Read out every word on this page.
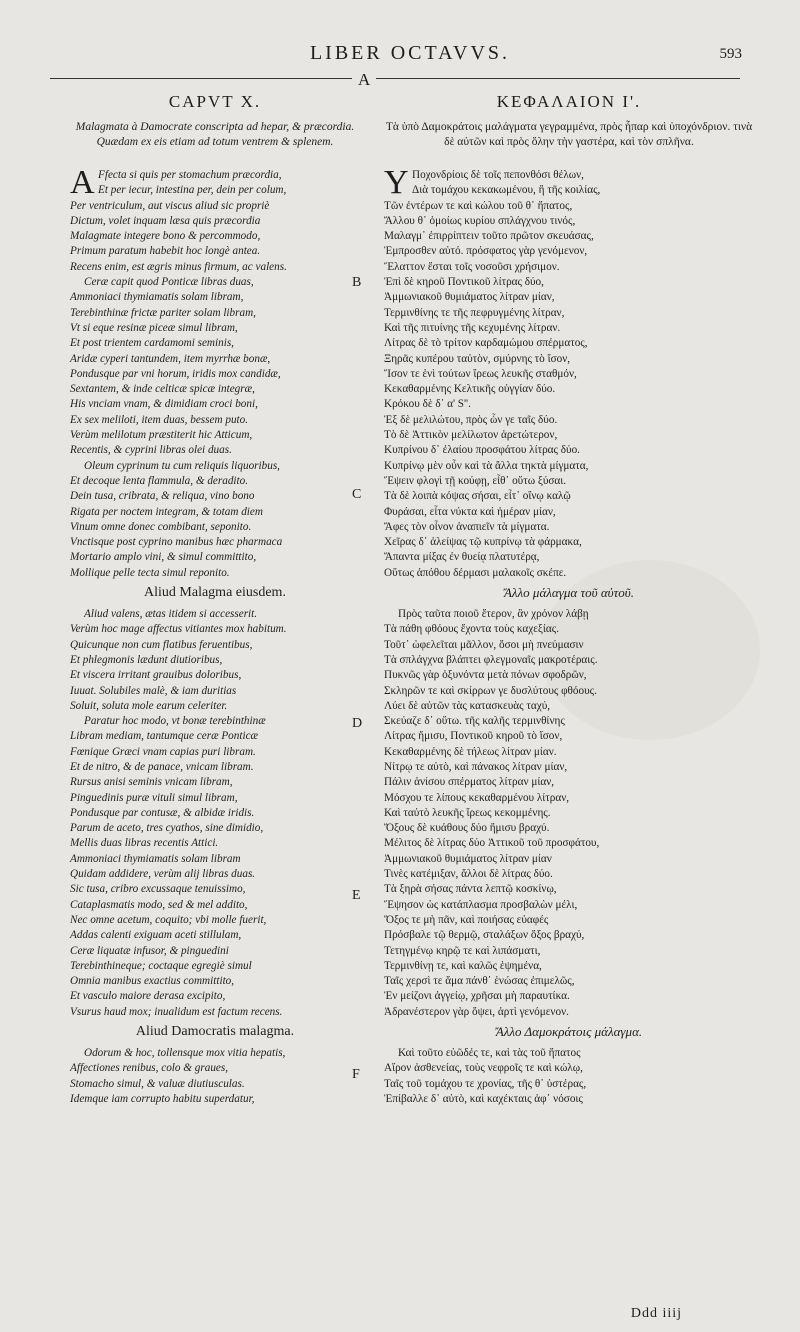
LIBER OCTAVVS.	593
A
B
C
D
E
F
CAPVT X.
Malagmata à Damocrate conscripta ad hepar, & præcordia. Quædam ex eis etiam ad totum ventrem & splenem.
A Ffecta si quis per stomachum præcordia,
Et per iecur, intestina per, dein per colum,
Per ventriculum, aut viscus aliud sic propriè
Dictum, volet inquam læsa quis præcordia
Malagmate integere bono & percommodo,
Primum paratum habebit hoc longè antea.
Recens enim, est ægris minus firmum, ac valens.
Ceræ capit quod Ponticæ libras duas,
Ammoniaci thymiamatis solam libram,
Terebinthinæ frictæ pariter solam libram,
Vt si eque resinæ piceæ simul libram,
Et post trientem cardamomi seminis,
Aridæ cyperi tantundem, item myrrhæ bonæ,
Pondusque par vni horum, iridis mox candidæ,
Sextantem, & inde celticæ spicæ integræ,
His vnciam vnam, & dimidiam croci boni,
Ex sex meliloti, item duas, bessem puto.
Verùm melilotum præstiterit hic Atticum,
Recentis, & cyprini libras olei duas.
Oleum cyprinum tu cum reliquis liquoribus,
Et decoque lenta flammula, & deradito.
Dein tusa, cribrata, & reliqua, vino bono
Rigata per noctem integram, & totam diem
Vinum omne donec combibant, seponito.
Vnctisque post cyprino manibus hæc pharmaca
Mortario amplo vini, & simul committito,
Mollique pelle tecta simul reponito.
Aliud Malagma eiusdem.
Aliud valens, ætas itidem si accesserit.
Verùm hoc mage affectus vitiantes mox habitum.
Quicunque non cum flatibus feruentibus,
Et phlegmonis lædunt diutioribus,
Et viscera irritant grauibus doloribus,
Iuuat. Solubiles malè, & iam duritias
Soluit, soluta mole earum celeriter.
Paratur hoc modo, vt bonæ terebinthinæ
Libram mediam, tantumque ceræ Ponticæ
Fœnique Græci vnam capias puri libram.
Et de nitro, & de panace, vnicam libram.
Rursus anisi seminis vnicam libram,
Pinguedinis puræ vituli simul libram,
Pondusque par contusæ, & albidæ iridis.
Parum de aceto, tres cyathos, sine dimidio,
Mellis duas libras recentis Attici.
Ammoniaci thymiamatis solam libram
Quidam addidere, verùm alij libras duas.
Sic tusa, cribro excussaque tenuissimo,
Cataplasmatis modo, sed & mel addito,
Nec omne acetum, coquito; vbi molle fuerit,
Addas calenti exiguam aceti stillulam,
Ceræ liquatæ infusor, & pinguedini
Terebinthineque; coctaque egregiè simul
Omnia manibus exactius committito,
Et vasculo maiore derasa excipito,
Vsurus haud mox; inualidum est factum recens.
Aliud Damocratis malagma.
Odorum & hoc, tollensque mox vitia hepatis,
Affectiones renibus, colo & graues,
Stomacho simul, & valuæ diutiusculas.
Idemque iam corrupto habitu superdatur,
ΚΕΦΑΛΑΙΟΝ Ι'.
Τὰ ὑπὸ Δαμοκράτοις μαλάγματα γεγραμμένα, πρὸς ἧπαρ καὶ ὑποχόνδριον. τινὰ δὲ αὐτῶν καὶ πρὸς ὅλην τὴν γαστέρα, καὶ τὸν σπλῆνα.
Υ Ποχονδρίοις δὲ τοῖς πεπονθόσι θέλων,
Διὰ τομάχου κεκακωμένου, ἢ τῆς κοιλίας,
Τῶν ἐντέρων τε καὶ κώλου τοῦ θ᾽ ἥπατος,
Ἄλλου θ᾽ ὁμοίως κυρίου σπλάγχνου τινός,
Μαλαγμ᾽ ἐπιρρίπτειν τοῦτο πρῶτον σκευάσας,
Ἐμπροσθεν αὐτό. πρόσφατος γὰρ γενόμενον,
Ἔλαττον ἔσται τοῖς νοσοῦσι χρήσιμον.
Ἐπὶ δὲ κηροῦ Ποντικοῦ λίτρας δύο,
Ἀμμωνιακοῦ θυμιάματος λίτραν μίαν,
Τερμινθίνης τε τῆς πεφρυγμένης λίτραν,
Καὶ τῆς πιτυίνης τῆς κεχυμένης λίτραν.
Λίτρας δὲ τὸ τρίτον καρδαμώμου σπέρματος,
Ξηρᾶς κυπέρου ταὐτὸν, σμύρνης τὸ ἴσον,
Ἴσον τε ἑνὶ τούτων ἴρεως λευκῆς σταθμόν,
Κεκαθαρμένης Κελτικῆς οὐγγίαν δύο.
Κρόκου δὲ δ᾽ α' S''.
Ἐξ δὲ μελιλώτου, πρὸς ὧν γε ταῖς δύο.
Τὸ δὲ Ἀττικὸν μελίλωτον ἀρετώτερον,
Κυπρίνου δ᾽ ἐλαίου προσφάτου λίτρας δύο.
Κυπρίνῳ μὲν οὖν καὶ τὰ ἄλλα τηκτὰ μίγματα,
Ἕψειν φλογὶ τῇ κούφῃ, εἶθ᾽ οὕτω ξύσαι.
Τὰ δὲ λοιπὰ κόψας σήσαι, εἶτ᾽ οἴνῳ καλῷ
Φυράσαι, εἶτα νύκτα καὶ ἡμέραν μίαν,
Ἄφες τὸν οἶνον ἀναπιεῖν τὰ μίγματα.
Χεῖρας δ᾽ ἀλείψας τῷ κυπρίνῳ τὰ φάρμακα,
Ἅπαντα μίξας ἐν θυείᾳ πλατυτέρᾳ,
Οὕτως ἀπόθου δέρμασι μαλακοῖς σκέπε.
Ἄλλο μάλαγμα τοῦ αὐτοῦ.
Πρὸς ταῦτα ποιοῦ ἕτερον, ἂν χρόνον λάβῃ
Τὰ πάθη φθόους ἔχοντα τοὺς καχεξίας.
Τοῦτ᾽ ὠφελεῖται μᾶλλον, ὅσοι μὴ πνεύμασιν
Τὰ σπλάγχνα βλάπτει φλεγμοναῖς μακροτέραις.
Πυκνῶς γὰρ ὀξυνόντα μετὰ πόνων σφοδρῶν,
Σκληρῶν τε καὶ σκίρρων γε δυσλύτους φθόους.
Λύει δὲ αὐτῶν τὰς κατασκευὰς ταχύ,
Σκεύαζε δ᾽ οὕτω. τῆς καλῆς τερμινθίνης
Λίτρας ἥμισυ, Ποντικοῦ κηροῦ τὸ ἴσον,
Κεκαθαρμένης δὲ τήλεως λίτραν μίαν.
Νίτρῳ τε αὐτὸ, καὶ πάνακος λίτραν μίαν,
Πάλιν ἀνίσου σπέρματος λίτραν μίαν,
Μόσχου τε λίπους κεκαθαρμένου λίτραν,
Καὶ ταὐτὸ λευκῆς ἴρεως κεκομμένης.
Ὄξους δὲ κυάθους δύο ἥμισυ βραχύ.
Μέλιτος δὲ λίτρας δύο Ἀττικοῦ τοῦ προσφάτου,
Ἀμμωνιακοῦ θυμιάματος λίτραν μίαν
Τινὲς κατέμιξαν, ἄλλοι δὲ λίτρας δύο.
Τὰ ξηρὰ σήσας πάντα λεπτῷ κοσκίνῳ,
Ἕψησον ὡς κατάπλασμα προσβαλὼν μέλι,
Ὄξος τε μὴ πᾶν, καὶ ποιήσας εὐαφές
Πρόσβαλε τῷ θερμῷ, σταλάξων ὄξος βραχύ,
Τετηγμένῳ κηρῷ τε καὶ λιπάσματι,
Τερμινθίνῃ τε, καὶ καλῶς ἑψημένα,
Ταῖς χερσὶ τε ἅμα πάνθ᾽ ἑνώσας ἐπιμελῶς,
Ἐν μείζονι ἀγγείῳ, χρῆσαι μὴ παραυτίκα.
Ἀδρανέστερον γὰρ ὄψει, ἀρτὶ γενόμενον.
Ἄλλο Δαμοκράτοις μάλαγμα.
Καὶ τοῦτο εὐῶδές τε, καὶ τὰς τοῦ ἥπατος
Αἴρον ἀσθενείας, τοὺς νεφροῖς τε καὶ κώλῳ,
Ταῖς τοῦ τομάχου τε χρονίας, τῆς θ᾽ ὑστέρας,
Ἐπίβαλλε δ᾽ αὐτὸ, καὶ καχέκταις ἀφ᾽ νόσοις
Ddd iiij
